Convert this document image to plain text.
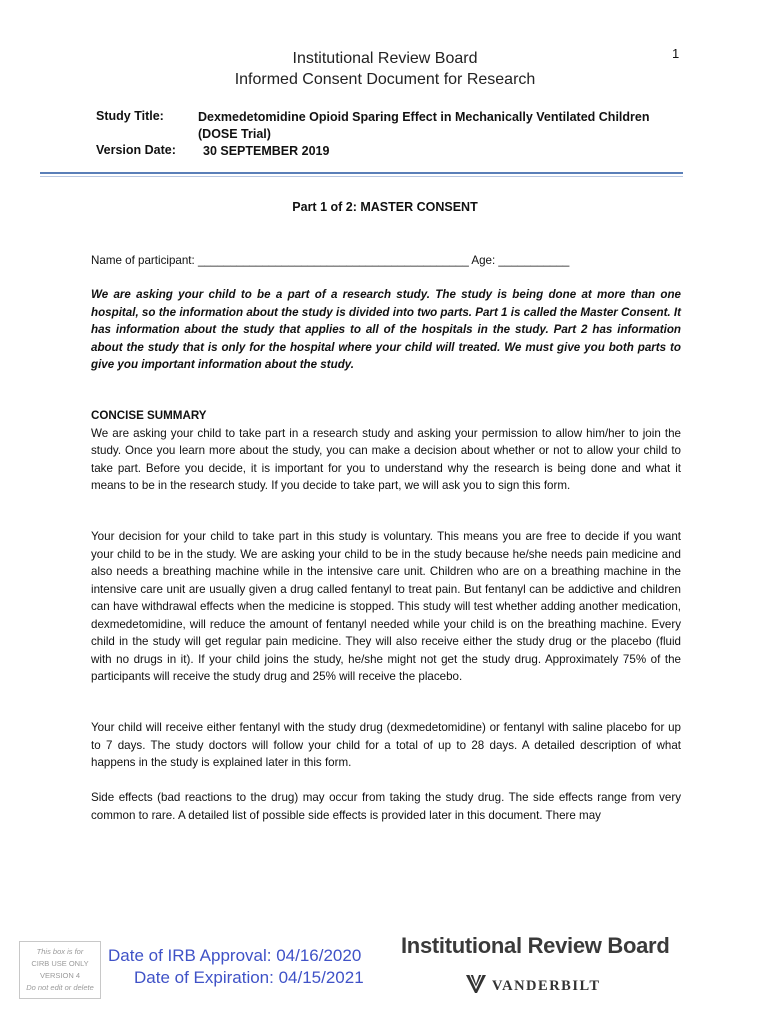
1
Institutional Review Board
Informed Consent Document for Research
Study Title:	Dexmedetomidine Opioid Sparing Effect in Mechanically Ventilated Children (DOSE Trial)
Version Date: 30 SEPTEMBER 2019
Part 1 of 2: MASTER CONSENT
Name of participant: __________________________________________ Age: ___________
We are asking your child to be a part of a research study. The study is being done at more than one hospital, so the information about the study is divided into two parts. Part 1 is called the Master Consent. It has information about the study that applies to all of the hospitals in the study. Part 2 has information about the study that is only for the hospital where your child will treated. We must give you both parts to give you important information about the study.
CONCISE SUMMARY
We are asking your child to take part in a research study and asking your permission to allow him/her to join the study. Once you learn more about the study, you can make a decision about whether or not to allow your child to take part. Before you decide, it is important for you to understand why the research is being done and what it means to be in the research study. If you decide to take part, we will ask you to sign this form.
Your decision for your child to take part in this study is voluntary. This means you are free to decide if you want your child to be in the study. We are asking your child to be in the study because he/she needs pain medicine and also needs a breathing machine while in the intensive care unit. Children who are on a breathing machine in the intensive care unit are usually given a drug called fentanyl to treat pain. But fentanyl can be addictive and children can have withdrawal effects when the medicine is stopped. This study will test whether adding another medication, dexmedetomidine, will reduce the amount of fentanyl needed while your child is on the breathing machine. Every child in the study will get regular pain medicine. They will also receive either the study drug or the placebo (fluid with no drugs in it). If your child joins the study, he/she might not get the study drug. Approximately 75% of the participants will receive the study drug and 25% will receive the placebo.
Your child will receive either fentanyl with the study drug (dexmedetomidine) or fentanyl with saline placebo for up to 7 days. The study doctors will follow your child for a total of up to 28 days. A detailed description of what happens in the study is explained later in this form.
Side effects (bad reactions to the drug) may occur from taking the study drug. The side effects range from very common to rare. A detailed list of possible side effects is provided later in this document. There may
This box is for
CIRB USE ONLY
VERSION 4
Do not edit or delete
Date of IRB Approval: 04/16/2020
Date of Expiration: 04/15/2021
Institutional Review Board
VANDERBILT
